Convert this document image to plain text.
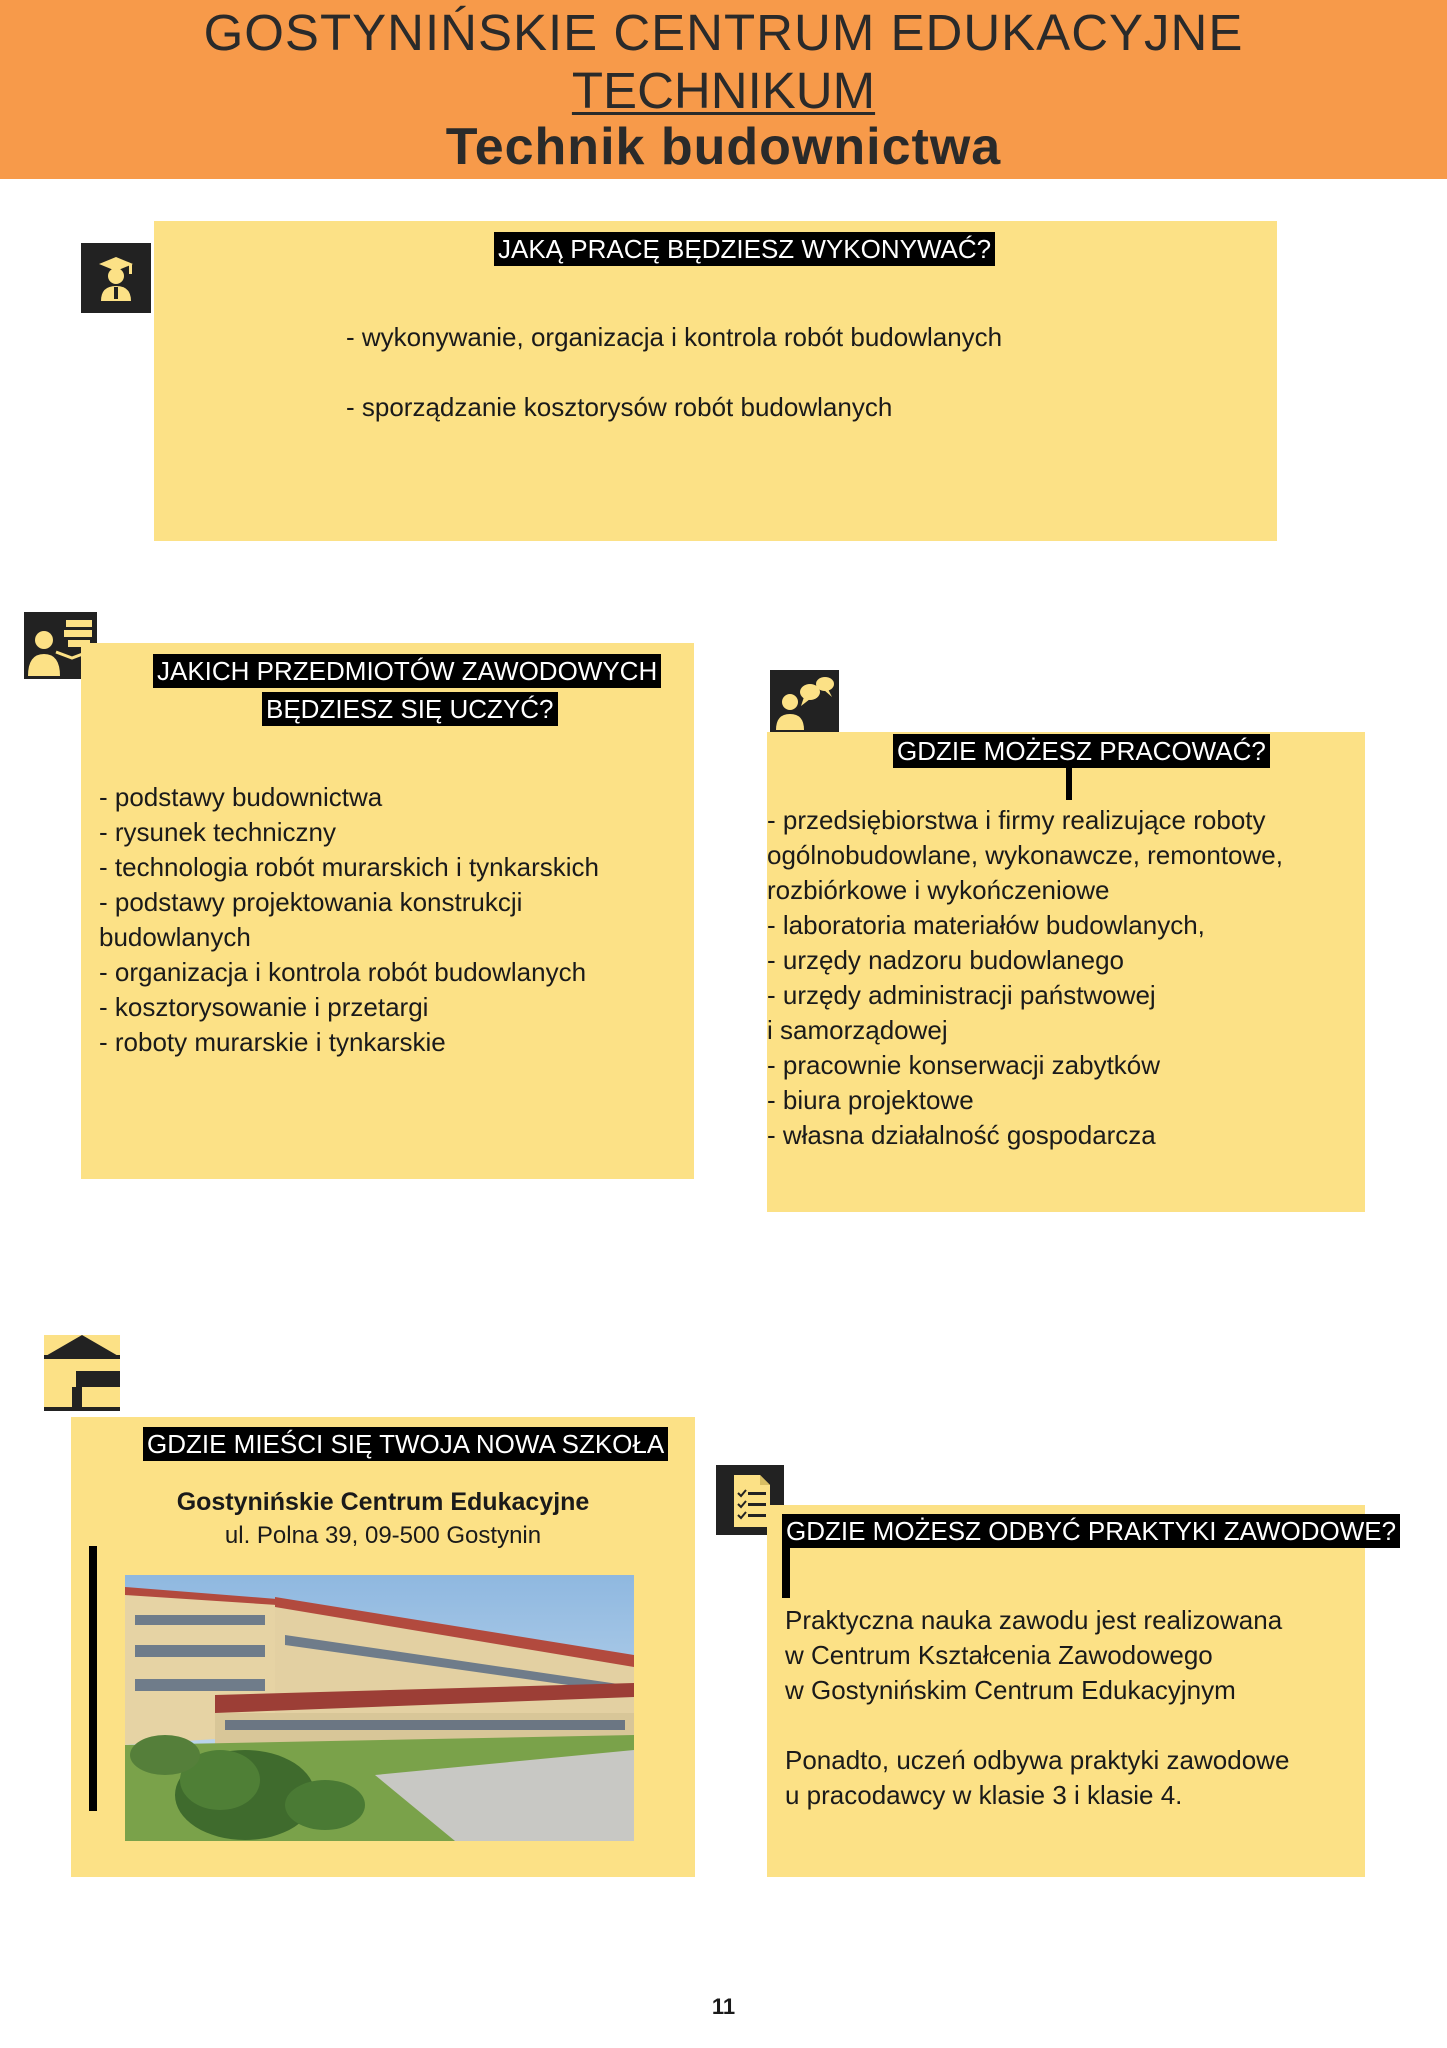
GOSTYNIŃSKIE CENTRUM EDUKACYJNE
TECHNIKUM
Technik budownictwa
JAKĄ PRACĘ BĘDZIESZ WYKONYWAĆ?
- wykonywanie, organizacja i kontrola robót budowlanych
- sporządzanie kosztorysów robót budowlanych
JAKICH PRZEDMIOTÓW ZAWODOWYCH
BĘDZIESZ SIĘ UCZYĆ?
- podstawy budownictwa
- rysunek techniczny
- technologia robót murarskich i tynkarskich
- podstawy projektowania konstrukcji
budowlanych
- organizacja i kontrola robót budowlanych
- kosztorysowanie i przetargi
- roboty murarskie i tynkarskie
GDZIE MOŻESZ PRACOWAĆ?
- przedsiębiorstwa i firmy realizujące roboty
ogólnobudowlane, wykonawcze, remontowe,
rozbiórkowe i wykończeniowe
- laboratoria materiałów budowlanych,
- urzędy nadzoru budowlanego
- urzędy administracji państwowej
i samorządowej
- pracownie konserwacji zabytków
- biura projektowe
- własna działalność gospodarcza
GDZIE MIEŚCI SIĘ TWOJA NOWA SZKOŁA
Gostynińskie Centrum Edukacyjne
ul. Polna 39, 09-500 Gostynin	GDZIE MOŻESZ ODBYĆ PRAKTYKI ZAWODOWE?
Praktyczna nauka zawodu jest realizowana
w Centrum Kształcenia Zawodowego
w Gostynińskim Centrum Edukacyjnym
Ponadto, uczeń odbywa praktyki zawodowe
u pracodawcy w klasie 3 i klasie 4.
11
